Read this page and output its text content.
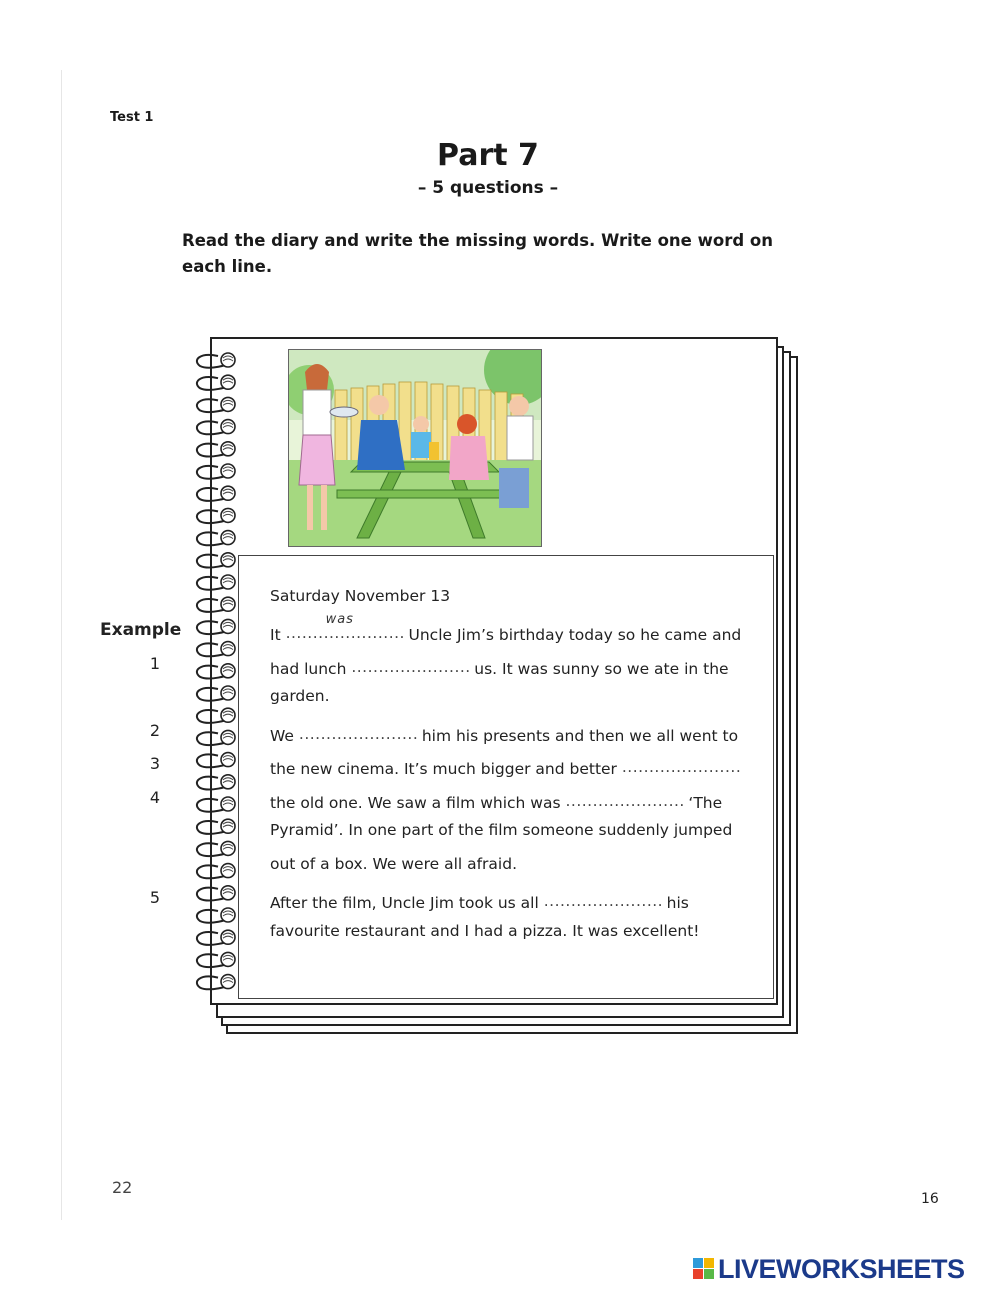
Test 1
Part 7
– 5 questions –
Read the diary and write the missing words. Write one word on each line.
Example
Saturday November 13
It ......................
was
Uncle Jim’s birthday today so he came and
had lunch ......................
us. It was sunny so we ate in the
1
garden.
We ......................
him his presents and then we all went to
2
the new cinema. It’s much bigger and better ......................
3
the old one. We saw a film which was ......................
‘The
4
Pyramid’. In one part of the film someone suddenly jumped
out of a box. We were all afraid.
After the film, Uncle Jim took us all ......................
his
5
favourite restaurant and I had a pizza. It was excellent!
22
16
LIVEWORKSHEETS
